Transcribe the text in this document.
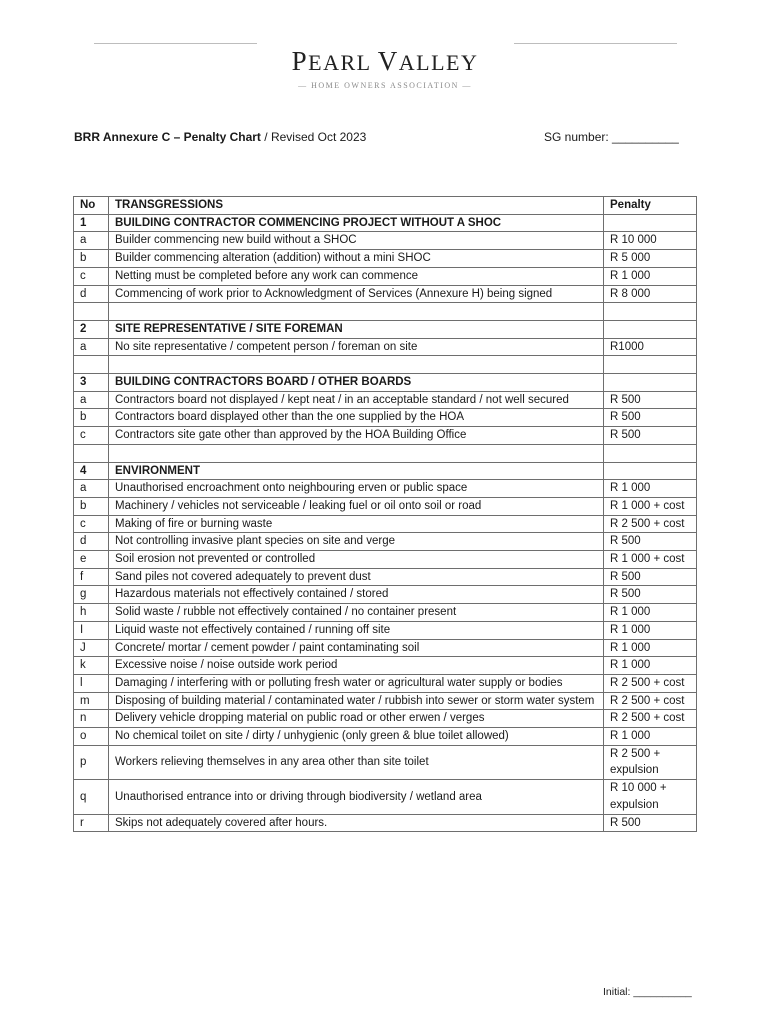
PEARL VALLEY
— HOME OWNERS ASSOCIATION —
BRR Annexure C – Penalty Chart / Revised Oct 2023	SG number: __________
No	TRANSGRESSIONS	Penalty
1	BUILDING CONTRACTOR COMMENCING PROJECT WITHOUT A SHOC	
a	Builder commencing new build without a SHOC	R 10 000
b	Builder commencing alteration (addition) without a mini SHOC	R 5 000
c	Netting must be completed before any work can commence	R 1 000
d	Commencing of work prior to Acknowledgment of Services (Annexure H) being signed	R 8 000

2	SITE REPRESENTATIVE / SITE FOREMAN	
a	No site representative / competent person / foreman on site	R1000

3	BUILDING CONTRACTORS BOARD / OTHER BOARDS	
a	Contractors board not displayed / kept neat / in an acceptable standard / not well secured	R 500
b	Contractors board displayed other than the one supplied by the HOA	R 500
c	Contractors site gate other than approved by the HOA Building Office	R 500

4	ENVIRONMENT	
a	Unauthorised encroachment onto neighbouring erven or public space	R 1 000
b	Machinery / vehicles not serviceable / leaking fuel or oil onto soil or road	R 1 000 + cost
c	Making of fire or burning waste	R 2 500 + cost
d	Not controlling invasive plant species on site and verge	R 500
e	Soil erosion not prevented or controlled	R 1 000 + cost
f	Sand piles not covered adequately to prevent dust	R 500
g	Hazardous materials not effectively contained / stored	R 500
h	Solid waste / rubble not effectively contained / no container present	R 1 000
I	Liquid waste not effectively contained / running off site	R 1 000
J	Concrete/ mortar / cement powder / paint contaminating soil	R 1 000
k	Excessive noise / noise outside work period	R 1 000
l	Damaging / interfering with or polluting fresh water or agricultural water supply or bodies	R 2 500 + cost
m	Disposing of building material / contaminated water / rubbish into sewer or storm water system	R 2 500 + cost
n	Delivery vehicle dropping material on public road or other erwen / verges	R 2 500 + cost
o	No chemical toilet on site / dirty / unhygienic (only green & blue toilet allowed)	R 1 000
p	Workers relieving themselves in any area other than site toilet	R 2 500 + expulsion
q	Unauthorised entrance into or driving through biodiversity / wetland area	R 10 000 + expulsion
r	Skips not adequately covered after hours.	R 500
Initial: __________
